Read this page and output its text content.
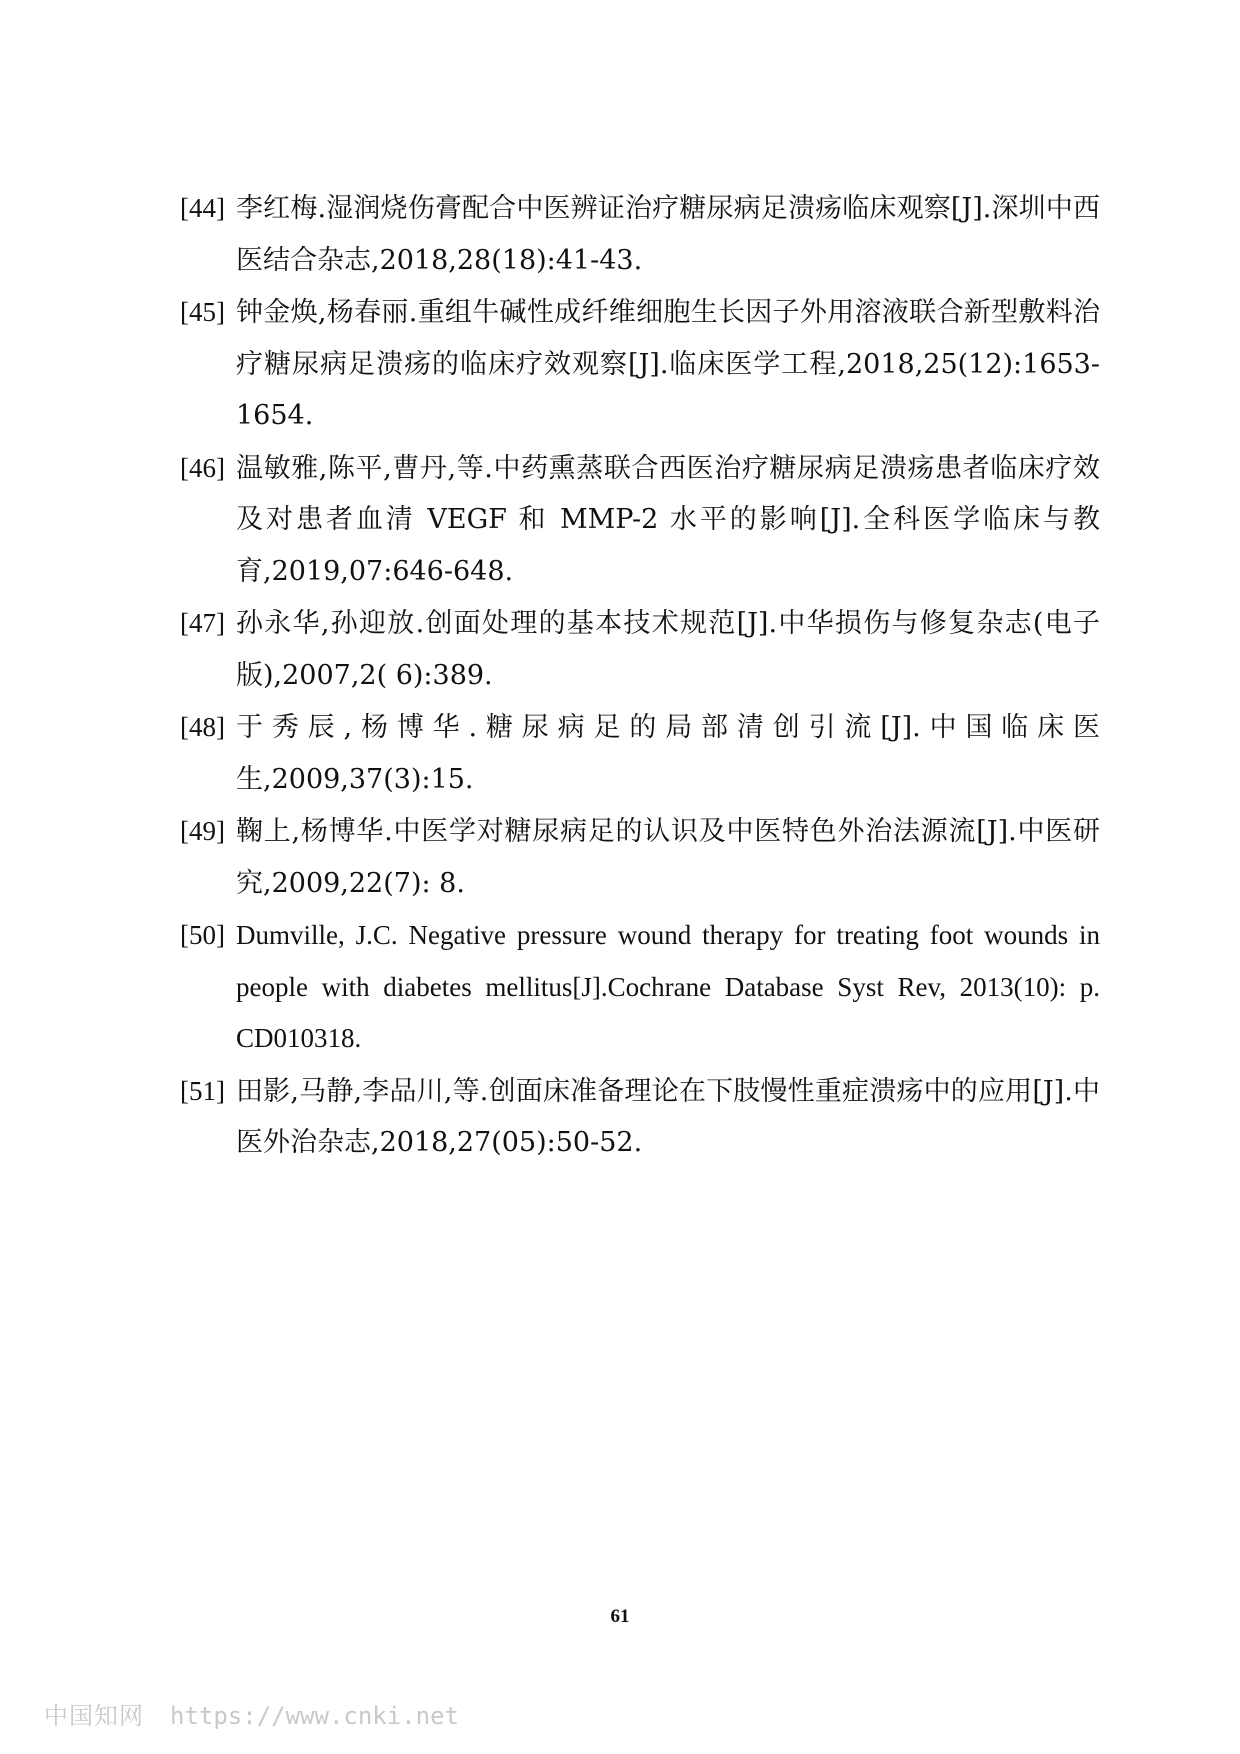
[44] 李红梅.湿润烧伤膏配合中医辨证治疗糖尿病足溃疡临床观察[J].深圳中西医结合杂志,2018,28(18):41-43.
[45] 钟金焕,杨春丽.重组牛碱性成纤维细胞生长因子外用溶液联合新型敷料治疗糖尿病足溃疡的临床疗效观察[J].临床医学工程,2018,25(12):1653-1654.
[46] 温敏雅,陈平,曹丹,等.中药熏蒸联合西医治疗糖尿病足溃疡患者临床疗效及对患者血清 VEGF 和 MMP-2 水平的影响[J].全科医学临床与教育,2019,07:646-648.
[47] 孙永华,孙迎放.创面处理的基本技术规范[J].中华损伤与修复杂志(电子版),2007,2( 6):389.
[48] 于秀辰,杨博华.糖尿病足的局部清创引流[J].中国临床医生,2009,37(3):15.
[49] 鞠上,杨博华.中医学对糖尿病足的认识及中医特色外治法源流[J].中医研究,2009,22(7): 8.
[50] Dumville, J.C. Negative pressure wound therapy for treating foot wounds in people with diabetes mellitus[J].Cochrane Database Syst Rev, 2013(10): p. CD010318.
[51] 田影,马静,李品川,等.创面床准备理论在下肢慢性重症溃疡中的应用[J].中医外治杂志,2018,27(05):50-52.
61
中国知网 https://www.cnki.net
